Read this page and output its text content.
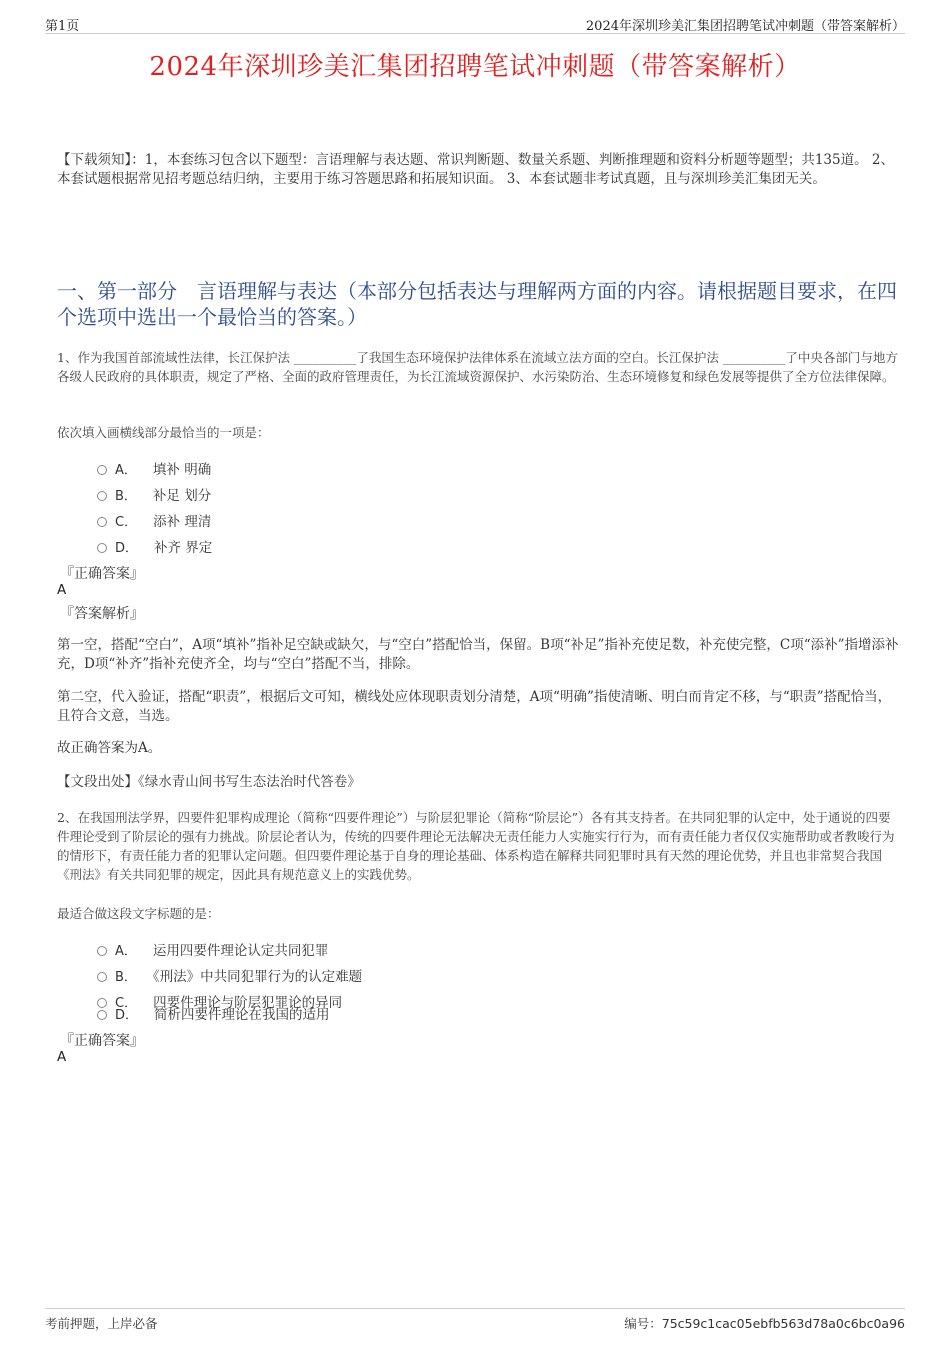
第1页	2024年深圳珍美汇集团招聘笔试冲刺题（带答案解析）
2024年深圳珍美汇集团招聘笔试冲刺题（带答案解析）
【下载须知】：1，本套练习包含以下题型：言语理解与表达题、常识判断题、数量关系题、判断推理题和资料分析题等题型；共135道。 2、本套试题根据常见招考题总结归纳，主要用于练习答题思路和拓展知识面。 3、本套试题非考试真题，且与深圳珍美汇集团无关。
一、第一部分　言语理解与表达（本部分包括表达与理解两方面的内容。请根据题目要求，在四个选项中选出一个最恰当的答案。）
1、作为我国首部流域性法律，长江保护法 __________了我国生态环境保护法律体系在流域立法方面的空白。长江保护法 __________了中央各部门与地方各级人民政府的具体职责，规定了严格、全面的政府管理责任，为长江流域资源保护、水污染防治、生态环境修复和绿色发展等提供了全方位法律保障。
依次填入画横线部分最恰当的一项是：
A． 填补 明确
B． 补足 划分
C． 添补 理清
D． 补齐 界定
『正确答案』
A
『答案解析』
第一空，搭配“空白”，A项“填补”指补足空缺或缺欠，与“空白”搭配恰当，保留。B项“补足”指补充使足数，补充使完整，C项“添补”指增添补充，D项“补齐”指补充使齐全，均与“空白”搭配不当，排除。
第二空，代入验证，搭配“职责”，根据后文可知，横线处应体现职责划分清楚，A项“明确”指使清晰、明白而肯定不移，与“职责”搭配恰当，且符合文意，当选。
故正确答案为A。
【文段出处】《绿水青山间书写生态法治时代答卷》
2、在我国刑法学界，四要件犯罪构成理论（简称“四要件理论”）与阶层犯罪论（简称“阶层论”）各有其支持者。在共同犯罪的认定中，处于通说的四要件理论受到了阶层论的强有力挑战。阶层论者认为，传统的四要件理论无法解决无责任能力人实施实行行为，而有责任能力者仅仅实施帮助或者教唆行为的情形下，有责任能力者的犯罪认定问题。但四要件理论基于自身的理论基础、体系构造在解释共同犯罪时具有天然的理论优势，并且也非常契合我国《刑法》有关共同犯罪的规定，因此具有规范意义上的实践优势。
最适合做这段文字标题的是：
A． 运用四要件理论认定共同犯罪
B． 《刑法》中共同犯罪行为的认定难题
C． 四要件理论与阶层犯罪论的异同
D． 简析四要件理论在我国的适用
『正确答案』
A
考前押题，上岸必备	编号：75c59c1cac05ebfb563d78a0c6bc0a96
